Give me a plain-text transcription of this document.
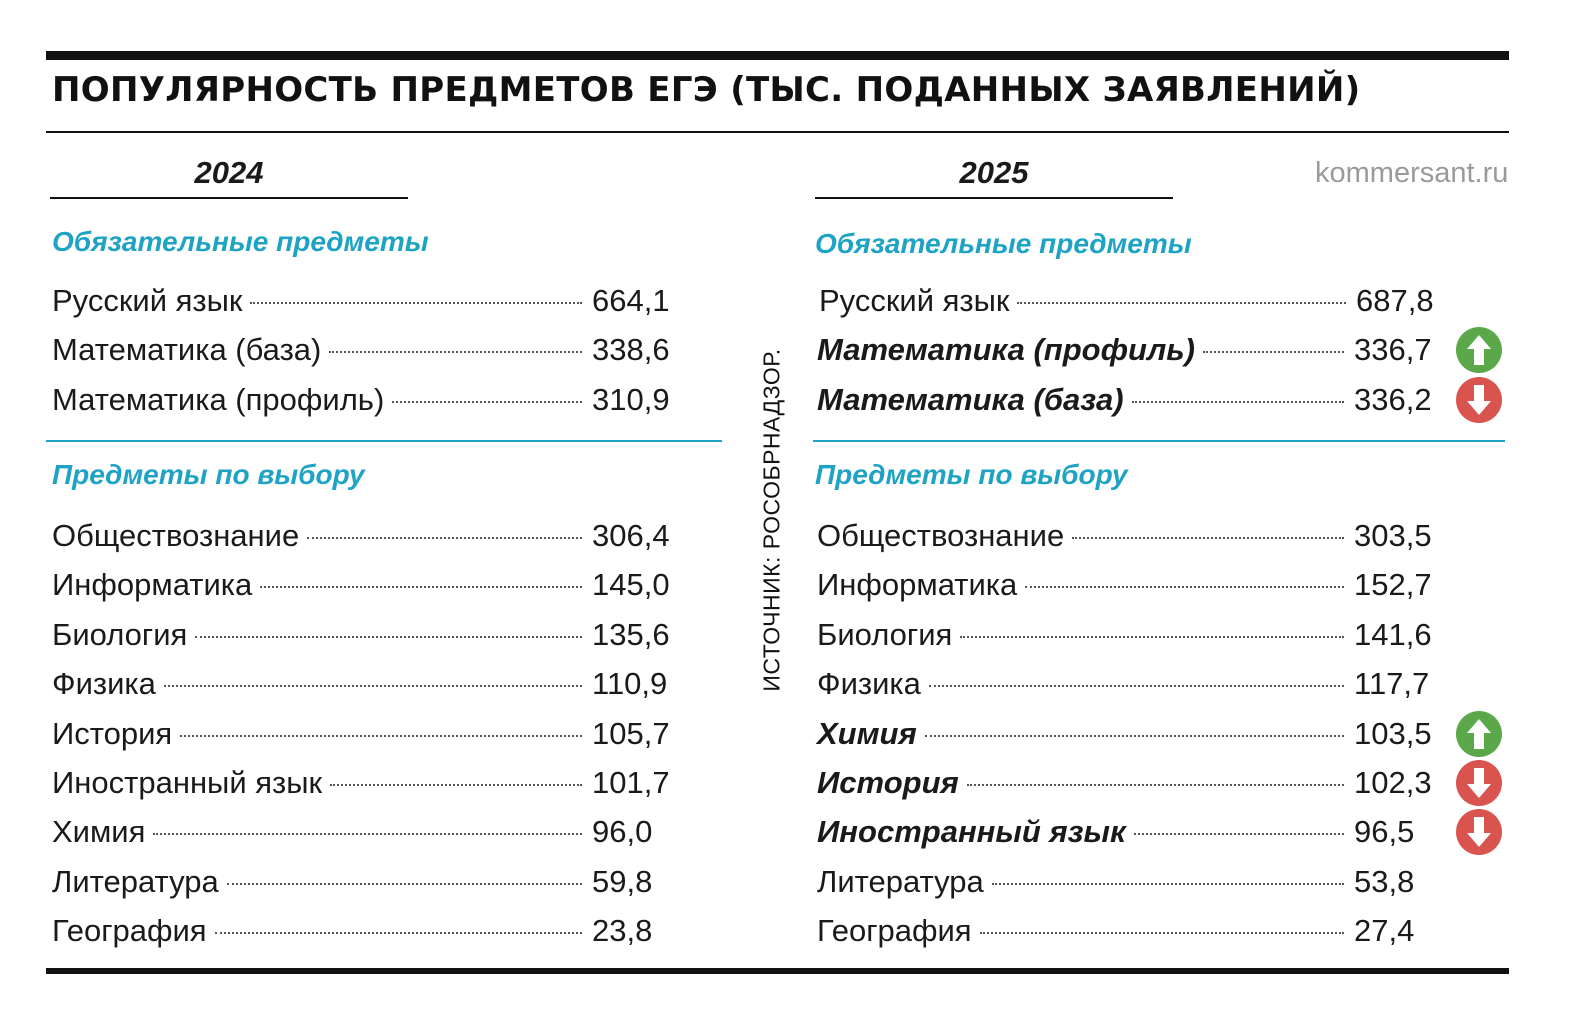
ПОПУЛЯРНОСТЬ ПРЕДМЕТОВ ЕГЭ (ТЫС. ПОДАННЫХ ЗАЯВЛЕНИЙ)
kommersant.ru
ИСТОЧНИК: РОСОБРНАДЗОР.
2024
Обязательные предметы
Предметы по выбору
Русский язык	664,1
Математика (база)	338,6
Математика (профиль)	310,9
Обществознание	306,4
Информатика	145,0
Биология	135,6
Физика	110,9
История	105,7
Иностранный язык	101,7
Химия	96,0
Литература	59,8
География	23,8
2025
Обязательные предметы
Предметы по выбору
Русский язык	687,8
Математика (профиль)	336,7
Математика (база)	336,2
Обществознание	303,5
Информатика	152,7
Биология	141,6
Физика	117,7
Химия	103,5
История	102,3
Иностранный язык	96,5
Литература	53,8
География	27,4
